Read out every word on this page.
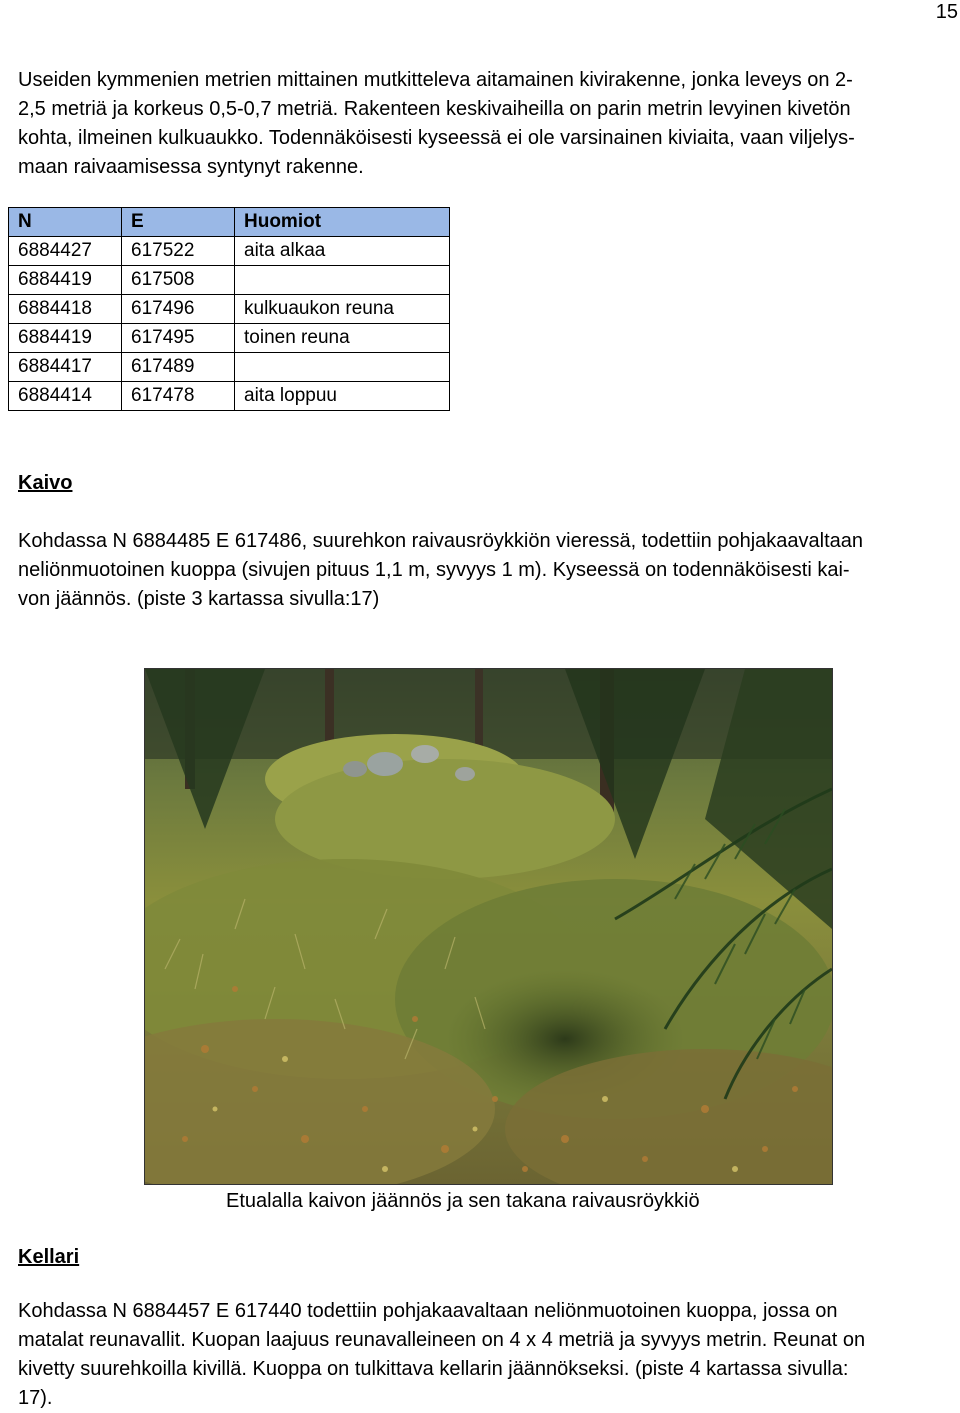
15

Useiden kymmenien metrien mittainen mutkitteleva aitamainen kivirakenne, jonka leveys on 2-
2,5 metriä ja korkeus 0,5-0,7 metriä. Rakenteen keskivaiheilla on parin metrin levyinen kivetön
kohta, ilmeinen kulkuaukko. Todennäköisesti kyseessä ei ole varsinainen kiviaita, vaan viljelys-
maan raivaamisessa syntynyt rakenne.

N	E	Huomiot
6884427	617522	aita alkaa
6884419	617508	
6884418	617496	kulkuaukon reuna
6884419	617495	toinen reuna
6884417	617489	
6884414	617478	aita loppuu
Kaivo

Kohdassa N 6884485 E 617486, suurehkon raivausröykkiön vieressä, todettiin pohjakaavaltaan
neliönmuotoinen kuoppa (sivujen pituus 1,1 m, syvyys 1 m). Kyseessä on todennäköisesti kai-
von jäännös. (piste 3 kartassa sivulla:17)

Etualalla kaivon jäännös ja sen takana raivausröykkiö

Kellari

Kohdassa N 6884457 E 617440 todettiin pohjakaavaltaan neliönmuotoinen kuoppa, jossa on
matalat reunavallit. Kuopan laajuus reunavalleineen on 4 x 4 metriä ja syvyys metrin. Reunat on
kivetty suurehkoilla kivillä. Kuoppa on tulkittava kellarin jäännökseksi. (piste 4 kartassa sivulla:
17).
